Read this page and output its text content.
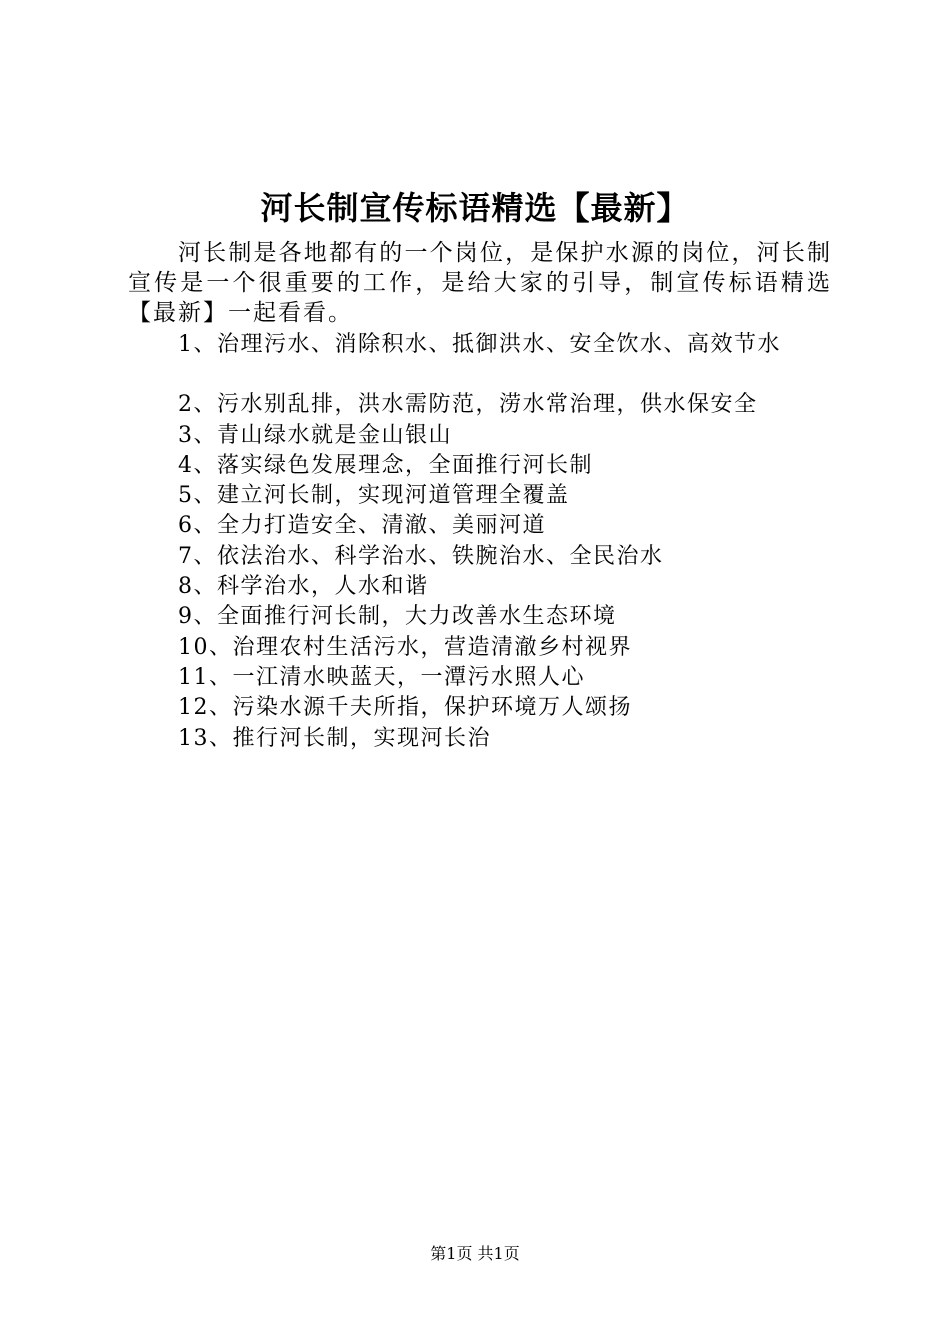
河长制宣传标语精选【最新】
河长制是各地都有的一个岗位，是保护水源的岗位，河长制宣传是一个很重要的工作，是给大家的引导，制宣传标语精选【最新】一起看看。
1、治理污水、消除积水、抵御洪水、安全饮水、高效节水
2、污水别乱排，洪水需防范，涝水常治理，供水保安全
3、青山绿水就是金山银山
4、落实绿色发展理念，全面推行河长制
5、建立河长制，实现河道管理全覆盖
6、全力打造安全、清澈、美丽河道
7、依法治水、科学治水、铁腕治水、全民治水
8、科学治水，人水和谐
9、全面推行河长制，大力改善水生态环境
10、治理农村生活污水，营造清澈乡村视界
11、一江清水映蓝天，一潭污水照人心
12、污染水源千夫所指，保护环境万人颂扬
13、推行河长制，实现河长治
第1页 共1页
